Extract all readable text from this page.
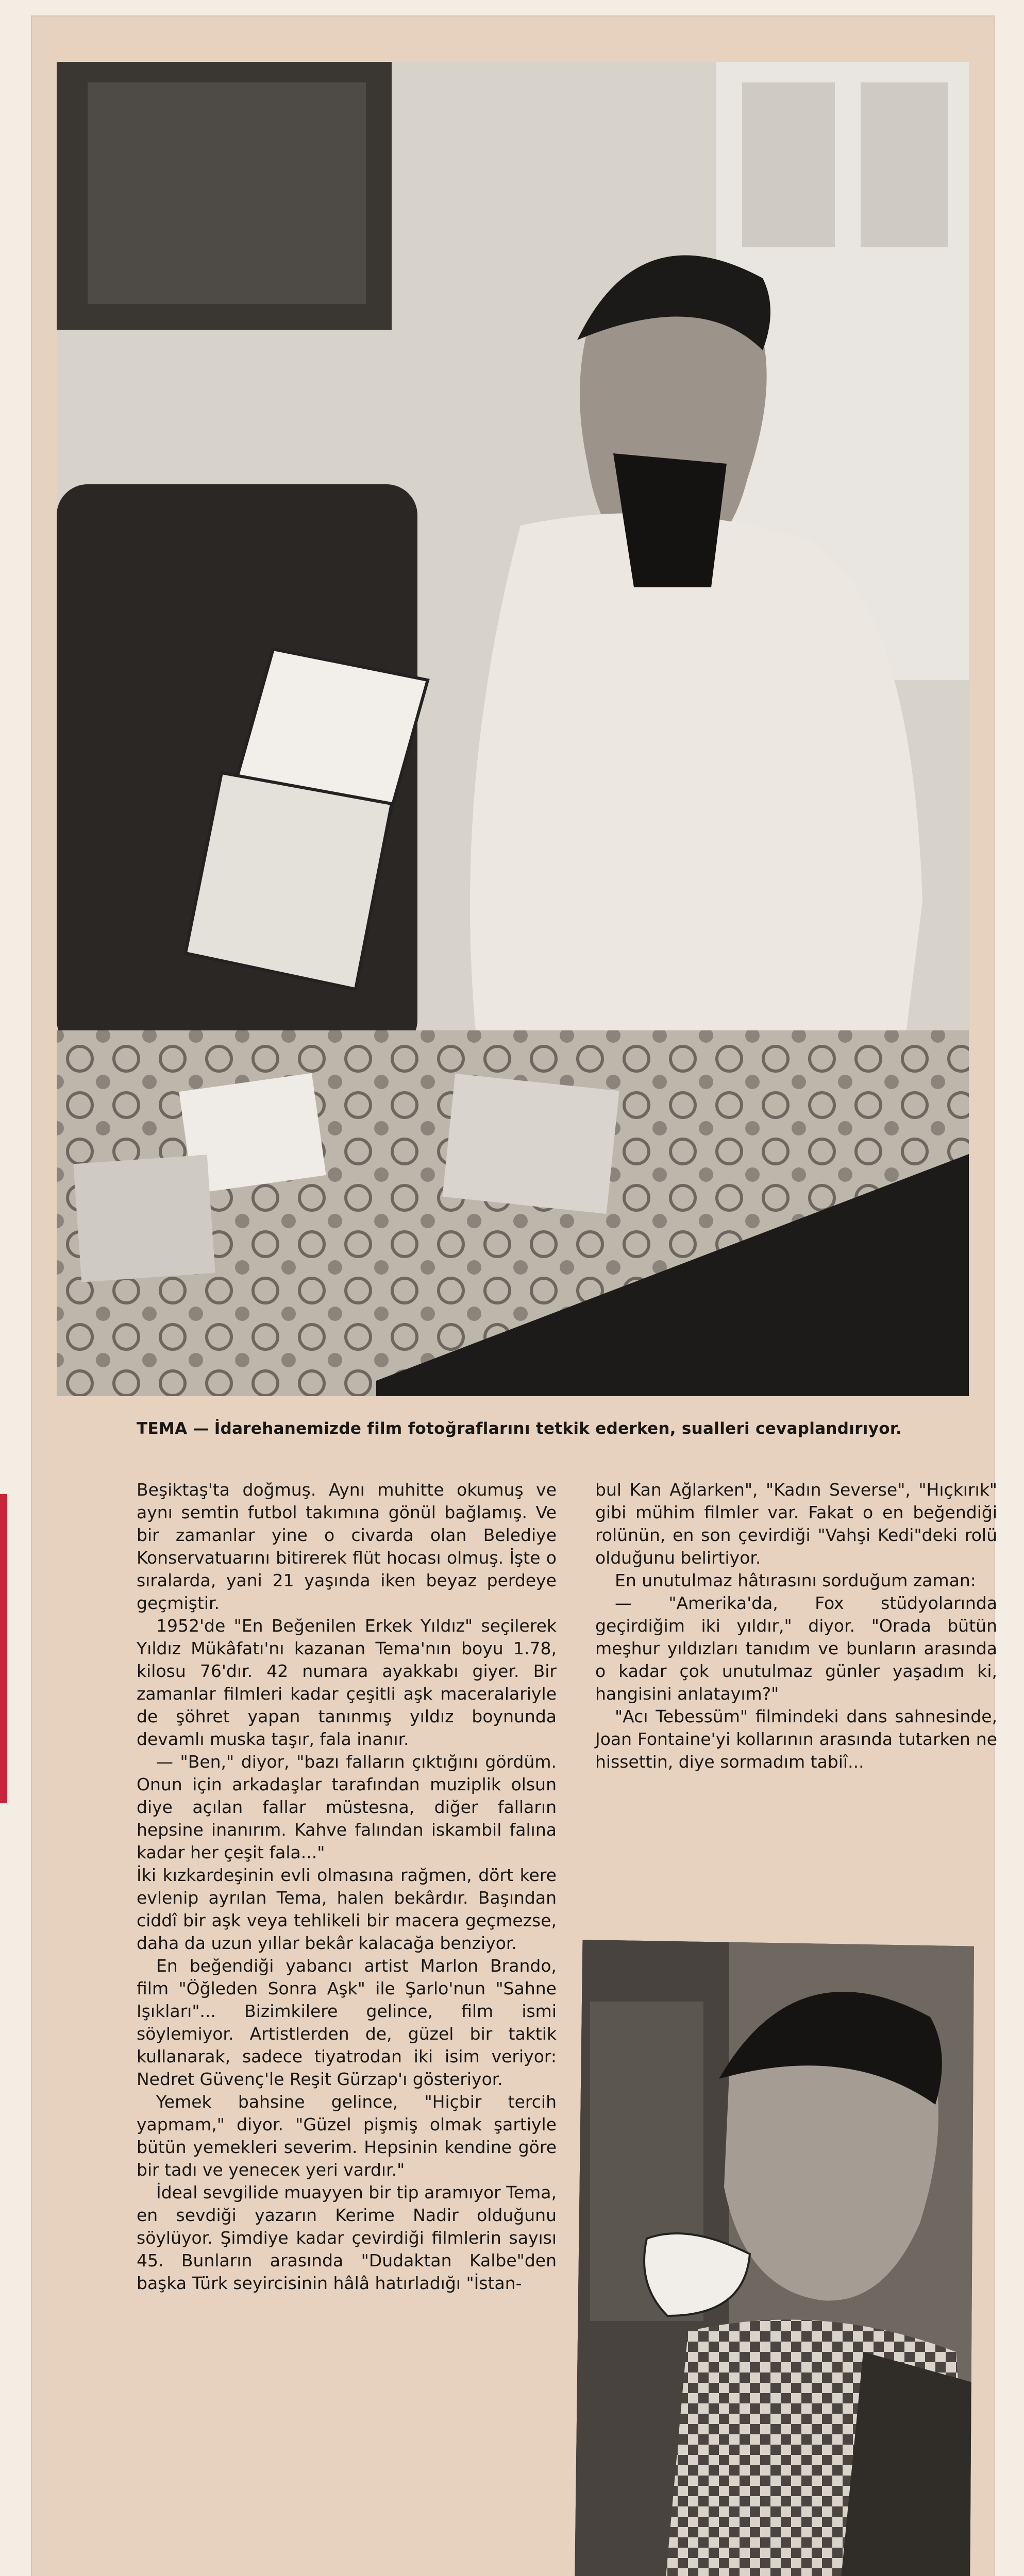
TEMA — İdarehanemizde film fotoğraflarını tetkik ederken, sualleri cevaplandırıyor.

Beşiktaş'ta doğmuş. Aynı muhitte okumuş ve aynı semtin futbol takımına gönül bağlamış. Ve bir zamanlar yine o civarda olan Belediye Konservatuarını bitirerek flüt hocası olmuş. İşte o sıralarda, yani 21 yaşında iken beyaz perdeye geçmiştir.

1952'de "En Beğenilen Erkek Yıldız" seçilerek Yıldız Mükâfatı'nı kazanan Tema'nın boyu 1.78, kilosu 76'dır. 42 numara ayakkabı giyer. Bir zamanlar filmleri kadar çeşitli aşk maceralariyle de şöhret yapan tanınmış yıldız boynunda devamlı muska taşır, fala inanır.

— "Ben," diyor, "bazı falların çıktığını gördüm. Onun için arkadaşlar tarafından muziplik olsun diye açılan fallar müstesna, diğer falların hepsine inanırım. Kahve falından iskambil falına kadar her çeşit fala..."

İki kızkardeşinin evli olmasına rağmen, dört kere evlenip ayrılan Tema, halen bekârdır. Başından ciddî bir aşk veya tehlikeli bir macera geçmezse, daha da uzun yıllar bekâr kalacağa benziyor.

En beğendiği yabancı artist Marlon Brando, film "Öğleden Sonra Aşk" ile Şarlo'nun "Sahne Işıkları"... Bizimkilere gelince, film ismi söylemiyor. Artistlerden de, güzel bir taktik kullanarak, sadece tiyatrodan iki isim veriyor: Nedret Güvenç'le Reşit Gürzap'ı gösteriyor.

Yemek bahsine gelince, "Hiçbir tercih yapmam," diyor. "Güzel pişmiş olmak şartiyle bütün yemekleri severim. Hepsinin kendine göre bir tadı ve yeneceк yeri vardır."

İdeal sevgilide muayyen bir tip aramıyor Tema, en sevdiği yazarın Kerime Nadir olduğunu söylüyor. Şimdiye kadar çevirdiği filmlerin sayısı 45. Bunların arasında "Dudaktan Kalbe"den başka Türk seyircisinin hâlâ hatırladığı "İstan-

bul Kan Ağlarken", "Kadın Severse", "Hıçkırık" gibi mühim filmler var. Fakat o en beğendiği rolünün, en son çevirdiği "Vahşi Kedi"deki rolü olduğunu belirtiyor.

En unutulmaz hâtırasını sorduğum zaman:

— "Amerika'da, Fox stüdyolarında geçirdiğim iki yıldır," diyor. "Orada bütün meşhur yıldızları tanıdım ve bunların arasında o kadar çok unutulmaz günler yaşadım ki, hangisini anlatayım?"

"Acı Tebessüm" filmindeki dans sahnesinde, Joan Fontaine'yi kollarının arasında tutarken ne hissettin, diye sormadım tabiî...
